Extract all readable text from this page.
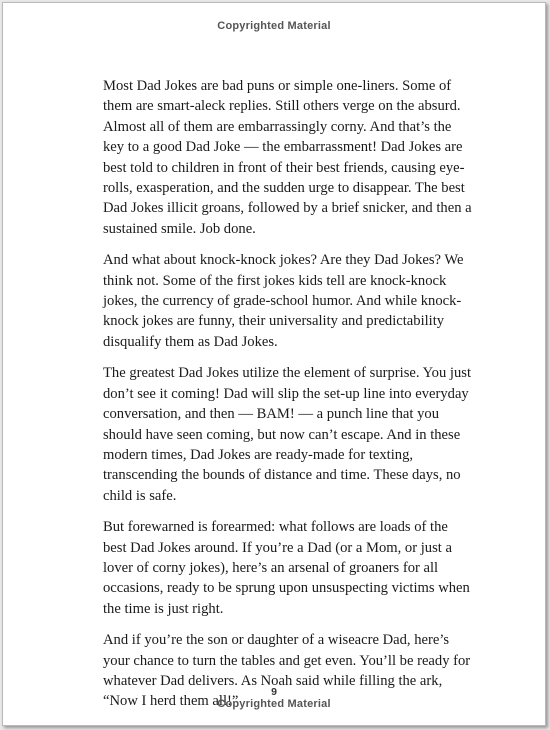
Copyrighted Material

Most Dad Jokes are bad puns or simple one-liners. Some of them are smart-aleck replies. Still others verge on the absurd. Almost all of them are embarrassingly corny. And that’s the key to a good Dad Joke — the embarrassment! Dad Jokes are best told to children in front of their best friends, causing eye-rolls, exasperation, and the sudden urge to disappear. The best Dad Jokes illicit groans, followed by a brief snicker, and then a sustained smile. Job done.

And what about knock-knock jokes? Are they Dad Jokes? We think not. Some of the first jokes kids tell are knock-knock jokes, the currency of grade-school humor. And while knock-knock jokes are funny, their universality and predictability disqualify them as Dad Jokes.

The greatest Dad Jokes utilize the element of surprise. You just don’t see it coming! Dad will slip the set-up line into everyday conversation, and then — BAM! — a punch line that you should have seen coming, but now can’t escape. And in these modern times, Dad Jokes are ready-made for texting, transcending the bounds of distance and time. These days, no child is safe.

But forewarned is forearmed: what follows are loads of the best Dad Jokes around. If you’re a Dad (or a Mom, or just a lover of corny jokes), here’s an arsenal of groaners for all occasions, ready to be sprung upon unsuspecting victims when the time is just right.

And if you’re the son or daughter of a wiseacre Dad, here’s your chance to turn the tables and get even. You’ll be ready for whatever Dad delivers. As Noah said while filling the ark, “Now I herd them all!”

9
Copyrighted Material
